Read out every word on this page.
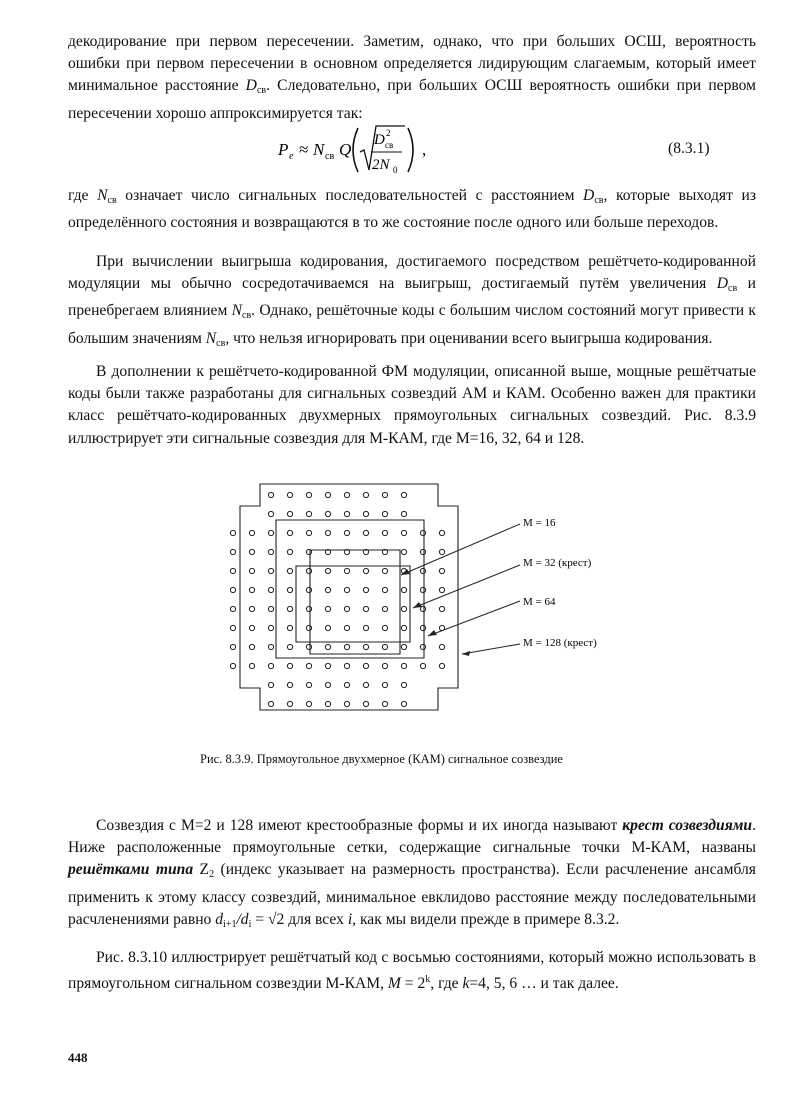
декодирование при первом пересечении. Заметим, однако, что при больших ОСШ, вероятность ошибки при первом пересечении в основном определяется лидирующим слагаемым, который имеет минимальное расстояние $D_{св}$. Следовательно, при больших ОСШ вероятность ошибки при первом пересечении хорошо аппроксимируется так:

P e ≈ N св Q D 2
св
2N 0
,	(8.3.1)

где $N_{св}$ означает число сигнальных последовательностей с расстоянием $D_{св}$, которые выходят из определённого состояния и возвращаются в то же состояние после одного или больше переходов.

При вычислении выигрыша кодирования, достигаемого посредством решётчето-кодированной модуляции мы обычно сосредотачиваемся на выигрыш, достигаемый путём увеличения $D_{св}$ и пренебрегаем влиянием $N_{св}$. Однако, решёточные коды с большим числом состояний могут привести к большим значениям $N_{св}$, что нельзя игнорировать при оценивании всего выигрыша кодирования.

В дополнении к решётчето-кодированной ФМ модуляции, описанной выше, мощные решётчатые коды были также разработаны для сигнальных созвездий АМ и КАМ. Особенно важен для практики класс решётчато-кодированных двухмерных прямоугольных сигнальных созвездий. Рис. 8.3.9 иллюстрирует эти сигнальные созвездия для М-КАМ, где М=16, 32, 64 и 128.

M = 16
M = 32 (крест)
M = 64
M = 128 (крест)
Рис. 8.3.9. Прямоугольное двухмерное (КАМ) сигнальное созвездие

Созвездия с М=2 и 128 имеют крестообразные формы и их иногда называют крест созвездиями. Ниже расположенные прямоугольные сетки, содержащие сигнальные точки М-КАМ, названы решётками типа $Z_2$ (индекс указывает на размерность пространства). Если расчленение ансамбля применить к этому классу созвездий, минимальное евклидово расстояние между последовательными расчленениями равно $d_{i+1}/d_i = √2$ для всех i, как мы видели прежде в примере 8.3.2.

Рис. 8.3.10 иллюстрирует решётчатый код с восьмью состояниями, который можно использовать в прямоугольном сигнальном созвездии М-КАМ, $M = 2^k$, где k=4, 5, 6 … и так далее.

448
